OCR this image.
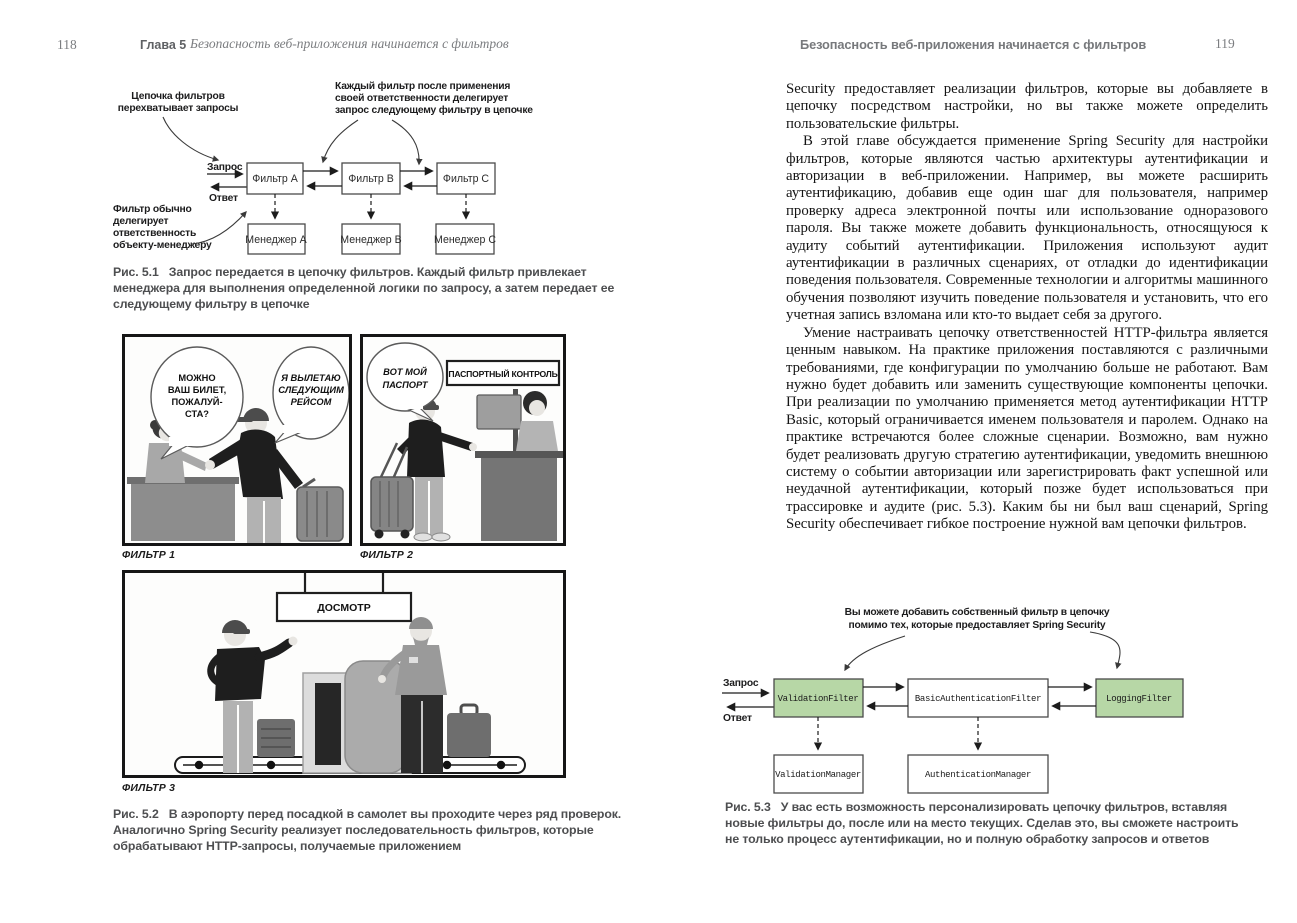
118	Глава 5 Безопасность веб-приложения начинается с фильтров
Цепочка фильтров
перехватывает запросы
Каждый фильтр после применения
своей ответственности делегирует
запрос следующему фильтру в цепочке
Фильтр обычно
делегирует
ответственность
объекту-менеджеру
Запрос
Ответ
Фильтр А	Фильтр В	Фильтр С
Менеджер А	Менеджер В	Менеджер С
Рис. 5.1 Запрос передается в цепочку фильтров. Каждый фильтр привлекает менеджера для выполнения определенной логики по запросу, а затем передает ее следующему фильтру в цепочке
МОЖНО
ВАШ БИЛЕТ,
ПОЖАЛУЙ-
СТА?
Я ВЫЛЕТАЮ
СЛЕДУЮЩИМ
РЕЙСОМ
ФИЛЬТР 1
ПАСПОРТНЫЙ КОНТРОЛЬ
ВОТ МОЙ
ПАСПОРТ
ФИЛЬТР 2
ДОСМОТР
ФИЛЬТР 3
Рис. 5.2 В аэропорту перед посадкой в самолет вы проходите через ряд проверок. Аналогично Spring Security реализует последовательность фильтров, которые обрабатывают HTTP-запросы, получаемые приложением
Безопасность веб-приложения начинается с фильтров	119

Security предоставляет реализации фильтров, которые вы добавляете в цепочку посредством настройки, но вы также можете определить пользовательские фильтры.

В этой главе обсуждается применение Spring Security для настройки фильтров, которые являются частью архитектуры аутентификации и авторизации в веб-приложении. Например, вы можете расширить аутентификацию, добавив еще один шаг для пользователя, например проверку адреса электронной почты или использование одноразового пароля. Вы также можете добавить функциональность, относящуюся к аудиту событий аутентификации. Приложения используют аудит аутентификации в различных сценариях, от отладки до идентификации поведения пользователя. Современные технологии и алгоритмы машинного обучения позволяют изучить поведение пользователя и установить, что его учетная запись взломана или кто-то выдает себя за другого.

Умение настраивать цепочку ответственностей HTTP-фильтра является ценным навыком. На практике приложения поставляются с различными требованиями, где конфигурации по умолчанию больше не работают. Вам нужно будет добавить или заменить существующие компоненты цепочки. При реализации по умолчанию применяется метод аутентификации HTTP Basic, который ограничивается именем пользователя и паролем. Однако на практике встречаются более сложные сценарии. Возможно, вам нужно будет реализовать другую стратегию аутентификации, уведомить внешнюю систему о событии авторизации или зарегистрировать факт успешной или неудачной аутентификации, который позже будет использоваться при трассировке и аудите (рис. 5.3). Каким бы ни был ваш сценарий, Spring Security обеспечивает гибкое построение нужной вам цепочки фильтров.

Вы можете добавить собственный фильтр в цепочку
помимо тех, которые предоставляет Spring Security
Запрос
Ответ
ValidationFilter	BasicAuthenticationFilter	LoggingFilter
ValidationManager	AuthenticationManager
Рис. 5.3 У вас есть возможность персонализировать цепочку фильтров, вставляя новые фильтры до, после или на место текущих. Сделав это, вы сможете настроить не только процесс аутентификации, но и полную обработку запросов и ответов
